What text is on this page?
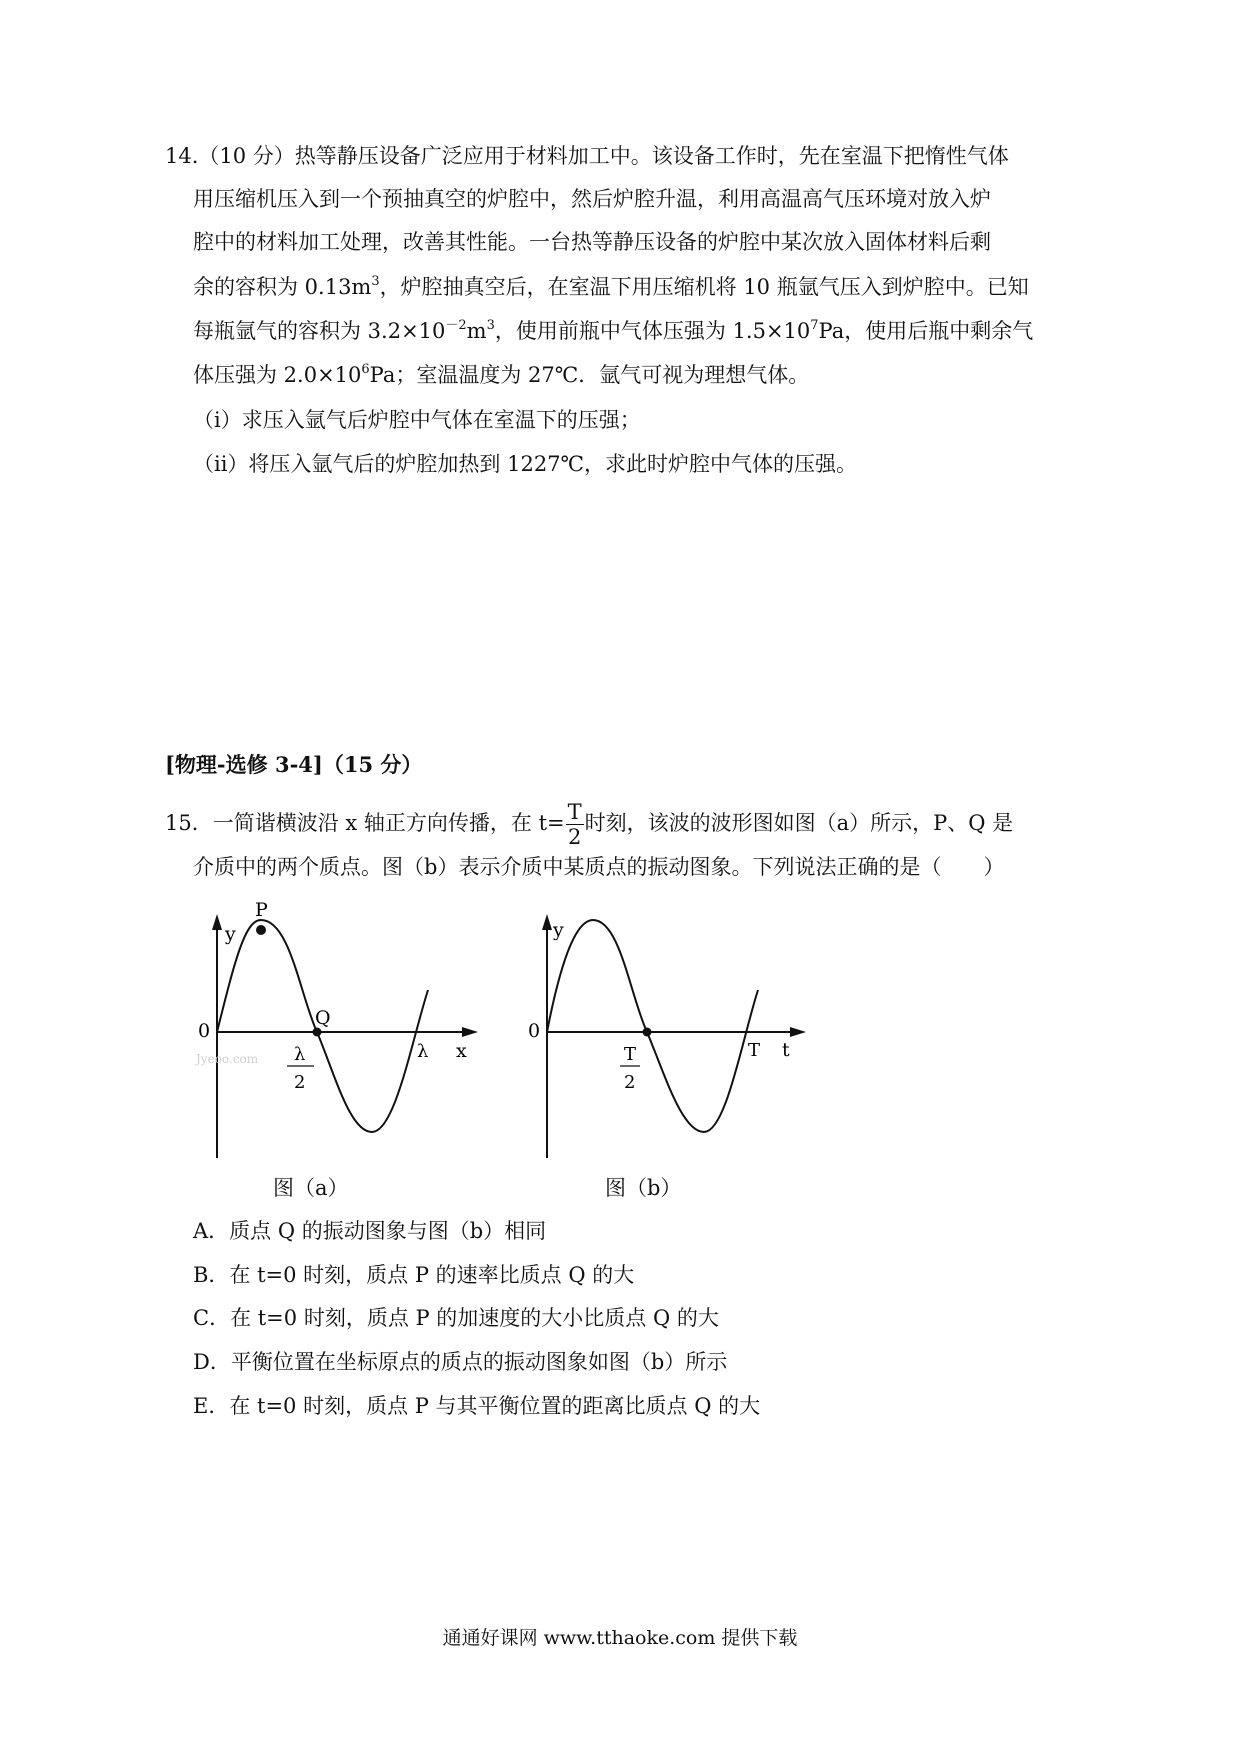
14.（10 分）热等静压设备广泛应用于材料加工中。该设备工作时，先在室温下把惰性气体
用压缩机压入到一个预抽真空的炉腔中，然后炉腔升温，利用高温高气压环境对放入炉
腔中的材料加工处理，改善其性能。一台热等静压设备的炉腔中某次放入固体材料后剩
余的容积为 $0.13m^3$，炉腔抽真空后，在室温下用压缩机将 10 瓶氩气压入到炉腔中。已知
每瓶氩气的容积为 $3.2\times 10^{-2}m^3$，使用前瓶中气体压强为 $1.5\times 10^7Pa$，使用后瓶中剩余气
体压强为 $2.0\times 10^6Pa$；室温温度为 27℃．氩气可视为理想气体。
（i）求压入氩气后炉腔中气体在室温下的压强；
（ii）将压入氩气后的炉腔加热到 1227℃，求此时炉腔中气体的压强。
[物理-选修 3-4]（15 分）
15．一简谐横波沿 x 轴正方向传播，在 $t= \frac{T}{2}$ 时刻，该波的波形图如图（a）所示，P、Q 是
介质中的两个质点。图（b）表示介质中某质点的振动图象。下列说法正确的是（　　）
P
Q
y
0
x
Jyeoo.com λ
2
λ
图（a）
y
0
t
T
2
T
图（b）
A．质点 Q 的振动图象与图（b）相同
B．在 t=0 时刻，质点 P 的速率比质点 Q 的大
C．在 t=0 时刻，质点 P 的加速度的大小比质点 Q 的大
D．平衡位置在坐标原点的质点的振动图象如图（b）所示
E．在 t=0 时刻，质点 P 与其平衡位置的距离比质点 Q 的大
通通好课网 www.tthaoke.com 提供下载
